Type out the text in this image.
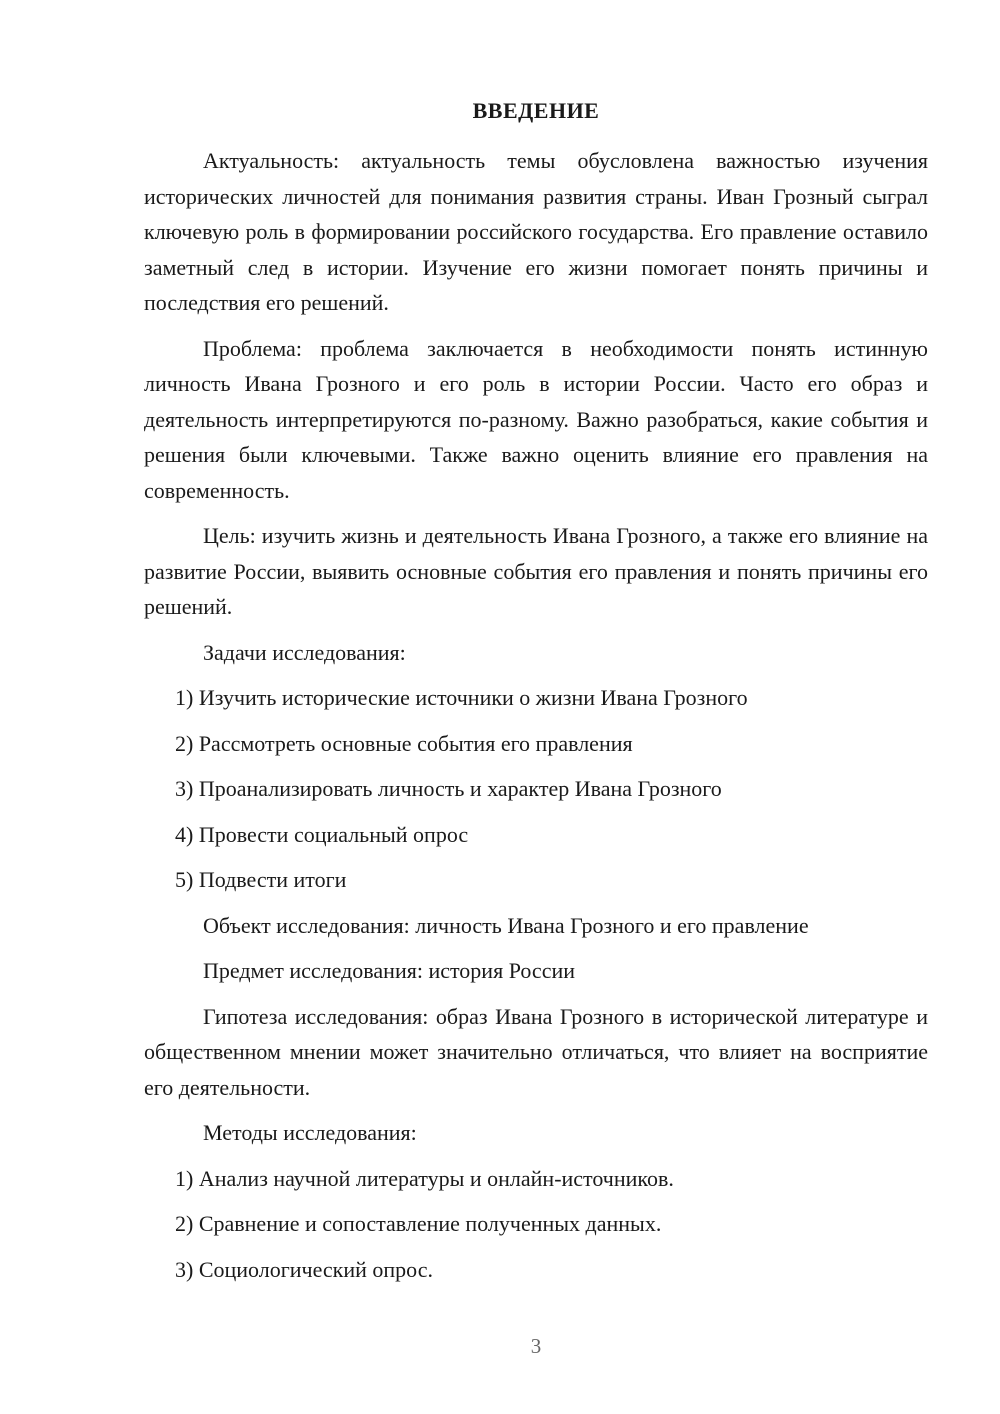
ВВЕДЕНИЕ

Актуальность: актуальность темы обусловлена важностью изучения исторических личностей для понимания развития страны. Иван Грозный сыграл ключевую роль в формировании российского государства. Его правление оставило заметный след в истории. Изучение его жизни помогает понять причины и последствия его решений.

Проблема: проблема заключается в необходимости понять истинную личность Ивана Грозного и его роль в истории России. Часто его образ и деятельность интерпретируются по-разному. Важно разобраться, какие события и решения были ключевыми. Также важно оценить влияние его правления на современность.

Цель: изучить жизнь и деятельность Ивана Грозного, а также его влияние на развитие России, выявить основные события его правления и понять причины его решений.

Задачи исследования:

1) Изучить исторические источники о жизни Ивана Грозного

2) Рассмотреть основные события его правления

3) Проанализировать личность и характер Ивана Грозного

4) Провести социальный опрос

5) Подвести итоги

Объект исследования: личность Ивана Грозного и его правление

Предмет исследования: история России

Гипотеза исследования: образ Ивана Грозного в исторической литературе и общественном мнении может значительно отличаться, что влияет на восприятие его деятельности.

Методы исследования:

1) Анализ научной литературы и онлайн-источников.

2) Сравнение и сопоставление полученных данных.

3) Социологический опрос.

3
